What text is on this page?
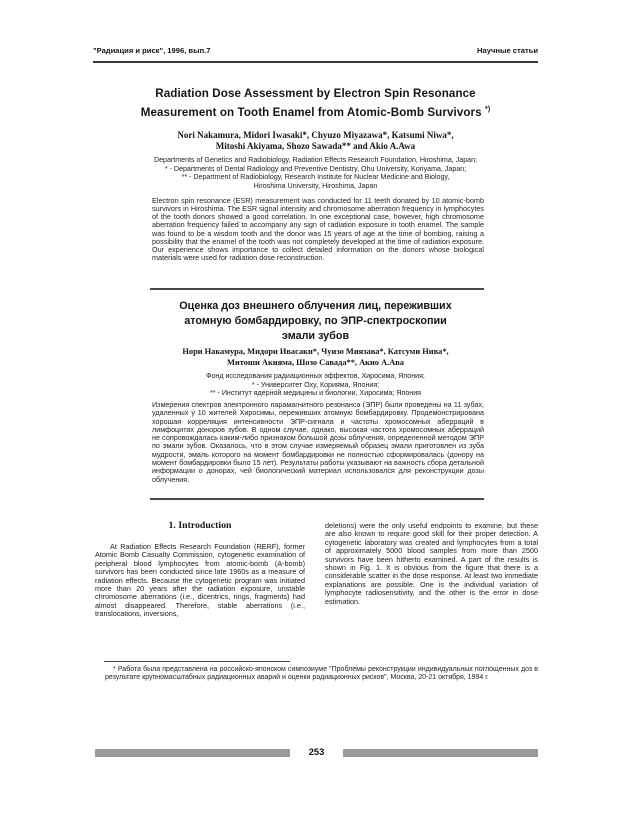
"Радиация и риск", 1996, вып.7	Научные статьи
Radiation Dose Assessment by Electron Spin Resonance
Measurement on Tooth Enamel from Atomic-Bomb Survivors *)
Nori Nakamura, Midori Iwasaki*, Chyuzo Miyazawa*, Katsumi Niwa*,
Mitoshi Akiyama, Shozo Sawada** and Akio A.Awa
Departments of Genetics and Radiobiology, Radiation Effects Research Foundation, Hiroshima, Japan;
* - Departments of Dental Radiology and Preventive Dentistry, Ohu University, Koriyama, Japan;
** - Department of Radiobiology, Research Institute for Nuclear Medicine and Biology,
Hiroshima University, Hiroshima, Japan
Electron spin resonance (ESR) measurement was conducted for 11 teeth donated by 10 atomic-bomb survivors in Hiroshima. The ESR signal intensity and chromosome aberration frequency in lymphocytes of the tooth donors showed a good correlation. In one exceptional case, however, high chromosome aberration frequency failed to accompany any sign of radiation exposure in tooth enamel. The sample was found to be a wisdom tooth and the donor was 15 years of age at the time of bombing, raising a possibility that the enamel of the tooth was not completely developed at the time of radiation exposure. Our experience shows importance to collect detailed information on the donors whose biological materials were used for radiation dose reconstruction.
Оценка доз внешнего облучения лиц, переживших
атомную бомбардировку, по ЭПР-спектроскопии
эмали зубов
Нори Накамура, Мидори Ивасаки*, Чуизо Миязава*, Катсуми Нива*,
Митоши Акияма, Шозо Савада**, Акио А.Ава
Фонд исследования радиационных эффектов, Хиросима, Япония;
* - Университет Оху, Корияма, Япония;
** - Институт ядерной медицины и биологии, Хиросима; Япония
Измерения спектров электронного парамагнитного резонанса (ЭПР) были проведены на 11 зубах, удаленных у 10 жителей Хиросимы, переживших атомную бомбардировку. Продемонстрирована хорошая корреляция интенсивности ЭПР-сигнала и частоты хромосомных аберраций в лимфоцитах доноров зубов. В одном случае, однако, высокая частота хромосомных аберраций не сопровождалась каким-либо признаком большой дозы облучения, определенной методом ЭПР по эмали зубов. Оказалось, что в этом случае измеряемый образец эмали приготовлен из зуба мудрости, эмаль которого на момент бомбардировки не полностью сформировалась (донору на момент бомбардировки было 15 лет). Результаты работы указывают на важность сбора детальной информации о донорах, чей биологический материал использовался для реконструкции дозы облучения.
1. Introduction

At Radiation Effects Research Foundation (RERF), former Atomic Bomb Casualty Commission, cytogenetic examination of peripheral blood lymphocytes from atomic-bomb (A-bomb) survivors has been conducted since late 1960s as a measure of radiation effects. Because the cytogenetic program was initiated more than 20 years after the radiation exposure, unstable chromosome aberrations (i.e., dicentrics, rings, fragments) had almost disappeared. Therefore, stable aberrations (i.e., translocations, inversions,

deletions) were the only useful endpoints to examine, but these are also known to require good skill for their proper detection. A cytogenetic laboratory was created and lymphocytes from a total of approximately 5000 blood samples from more than 2500 survivors have been hitherto examined. A part of the results is shown in Fig. 1. It is obvious from the figure that there is a considerable scatter in the dose response. At least two immediate explanations are possible. One is the individual variation of lymphocyte radiosensitivity, and the other is the error in dose estimation.

* Работа была представлена на российско-японском симпозиуме "Проблемы реконструкции индивидуальных поглощенных доз в результате крупномасштабных радиационных аварий и оценки радиационных рисков", Москва, 20-21 октября, 1994 г.

253
